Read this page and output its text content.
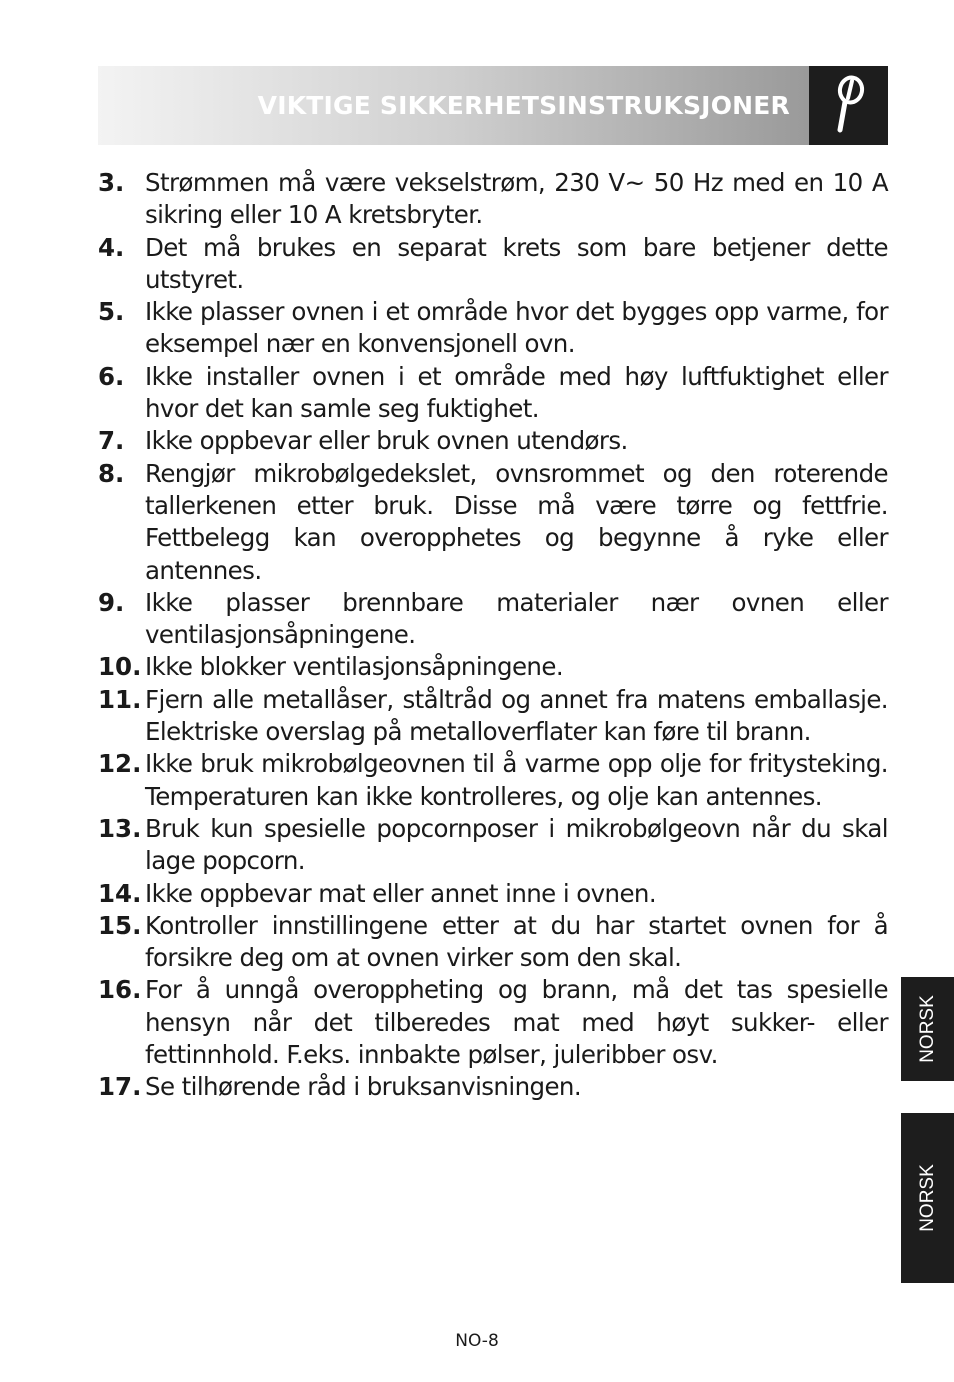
VIKTIGE SIKKERHETSINSTRUKSJONER
3. Strømmen må være vekselstrøm, 230 V~ 50 Hz med en 10 A sikring eller 10 A kretsbryter.
4. Det må brukes en separat krets som bare betjener dette utstyret.
5. Ikke plasser ovnen i et område hvor det bygges opp varme, for eksempel nær en konvensjonell ovn.
6. Ikke installer ovnen i et område med høy luftfuktighet eller hvor det kan samle seg fuktighet.
7. Ikke oppbevar eller bruk ovnen utendørs.
8. Rengjør mikrobølgedekslet, ovnsrommet og den roterende tallerkenen etter bruk. Disse må være tørre og fettfrie. Fettbelegg kan overopphetes og begynne å ryke eller antennes.
9. Ikke plasser brennbare materialer nær ovnen eller ventilasjonsåpningene.
10. Ikke blokker ventilasjonsåpningene.
11. Fjern alle metallåser, ståltråd og annet fra matens emballasje. Elektriske overslag på metalloverflater kan føre til brann.
12. Ikke bruk mikrobølgeovnen til å varme opp olje for fritysteking. Temperaturen kan ikke kontrolleres, og olje kan antennes.
13. Bruk kun spesielle popcornposer i mikrobølgeovn når du skal lage popcorn.
14. Ikke oppbevar mat eller annet inne i ovnen.
15. Kontroller innstillingene etter at du har startet ovnen for å forsikre deg om at ovnen virker som den skal.
16. For å unngå overoppheting og brann, må det tas spesielle hensyn når det tilberedes mat med høyt sukker- eller fettinnhold. F.eks. innbakte pølser, juleribber osv.
17. Se tilhørende råd i bruksanvisningen.
NORSK
NORSK
NO-8
